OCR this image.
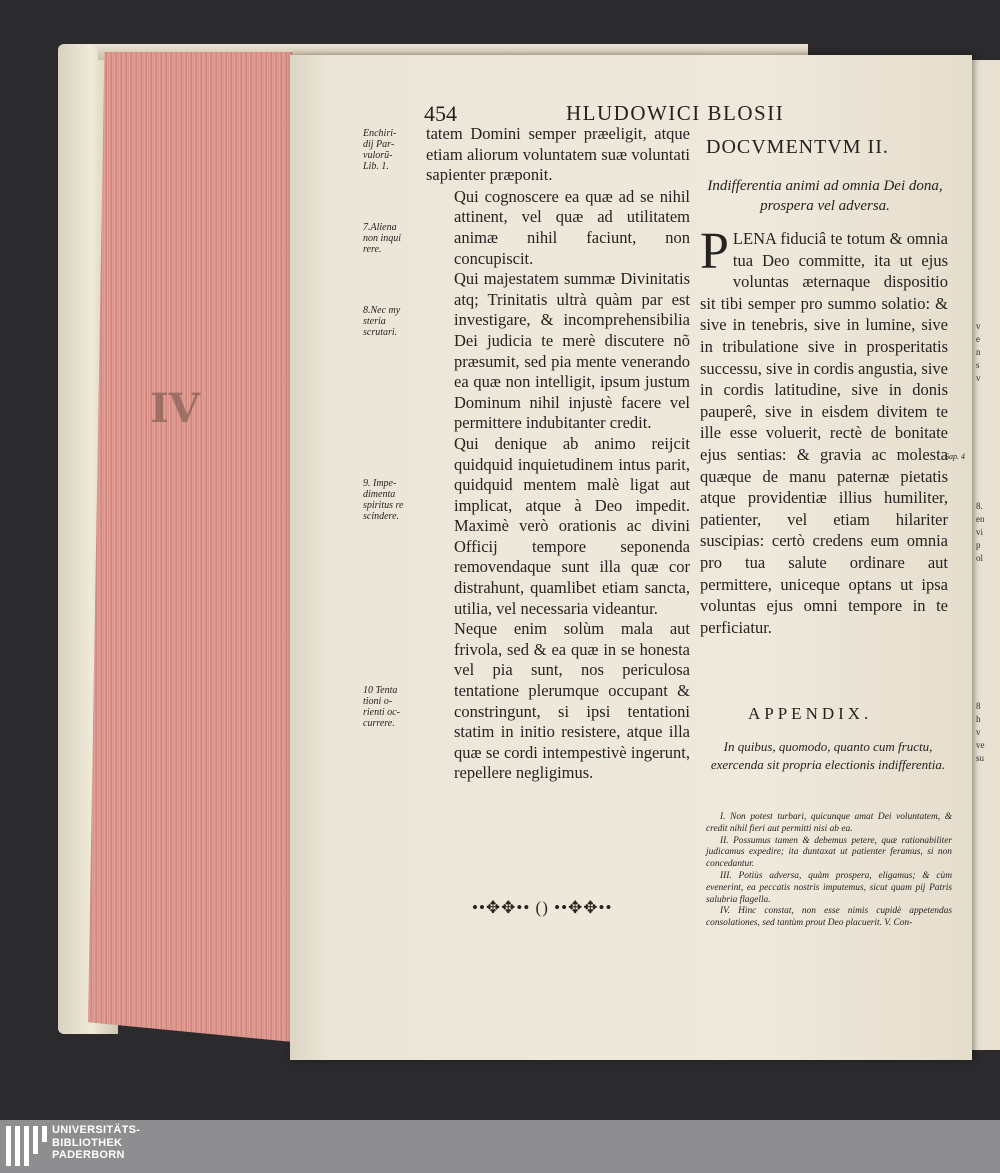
IV
v
e
n
s
v
8.
en
vi
p
ol
8
h
v
ve
su
454	HLUDOWICI BLOSII
Enchiri-
dij Par-
vulorũ-
Lib. 1.
7.Aliena
non inqui
rere.
8.Nec my
steria
scrutari.
9. Impe-
dimenta
spiritus re
scindere.
10 Tenta
tioni o-
rienti oc-
currere.

tatem Domini semper præeligit, atque etiam aliorum voluntatem suæ voluntati sapienter præponit.

Qui cognoscere ea quæ ad se nihil attinent, vel quæ ad utilitatem animæ nihil faciunt, non concupiscit.

Qui majestatem summæ Divinitatis atq; Trinitatis ultrà quàm par est investigare, & incomprehensibilia Dei judicia te merè discutere nõ præsumit, sed pia mente venerando ea quæ non intelligit, ipsum justum Dominum nihil injustè facere vel permittere indubitanter credit.

Qui denique ab animo reijcit quidquid inquietudinem intus parit, quidquid mentem malè ligat aut implicat, atque à Deo impedit. Maximè verò orationis ac divini Officij tempore seponenda removendaque sunt illa quæ cor distrahunt, quamlibet etiam sancta, utilia, vel necessaria videantur.

Neque enim solùm mala aut frivola, sed & ea quæ in se honesta vel pia sunt, nos periculosa tentatione plerumque occupant & constringunt, si ipsi tentationi statim in initio resistere, atque illa quæ se cordi intempestivè ingerunt, repellere negligimus.

••✥✥•• () ••✥✥••
DOCVMENTVM II.
Indifferentia animi ad omnia Dei dona, prospera vel adversa.
P LENA fiduciâ te totum & omnia tua Deo committe, ita ut ejus voluntas æternaque dispositio sit tibi semper pro summo solatio: & sive in tenebris, sive in lumine, sive in tribulatione sive in prosperitatis successu, sive in cordis angustia, sive in cordis latitudine, sive in donis pauperê, sive in eisdem divitem te ille esse voluerit, rectè de bonitate ejus sentias: & gravia ac molesta quæque de manu paternæ pietatis atque providentiæ illius humiliter, patienter, vel etiam hilariter suscipias: certò credens eum omnia pro tua salute ordinare aut permittere, uniceque optans ut ipsa voluntas ejus omni tempore in te perficiatur.
Sap. 4
APPENDIX.
In quibus, quomodo, quanto cum fructu, exercenda sit propria electionis indifferentia.

I. Non potest turbari, quicunque amat Dei voluntatem, & credit nihil fieri aut permitti nisi ab ea.

II. Possumus tamen & debemus petere, quæ rationabiliter judicamus expedire; ita duntaxat ut patienter feramus, si non concedantur.

III. Potiùs adversa, quàm prospera, eligamus; & cùm evenerint, ea peccatis nostris imputemus, sicut quam pij Patris salubria flagella.

IV. Hinc constat, non esse nimis cupidè appetendas consolationes, sed tantùm prout Deo placuerit. V. Con-

UNIVERSITÄTS-
BIBLIOTHEK
PADERBORN
